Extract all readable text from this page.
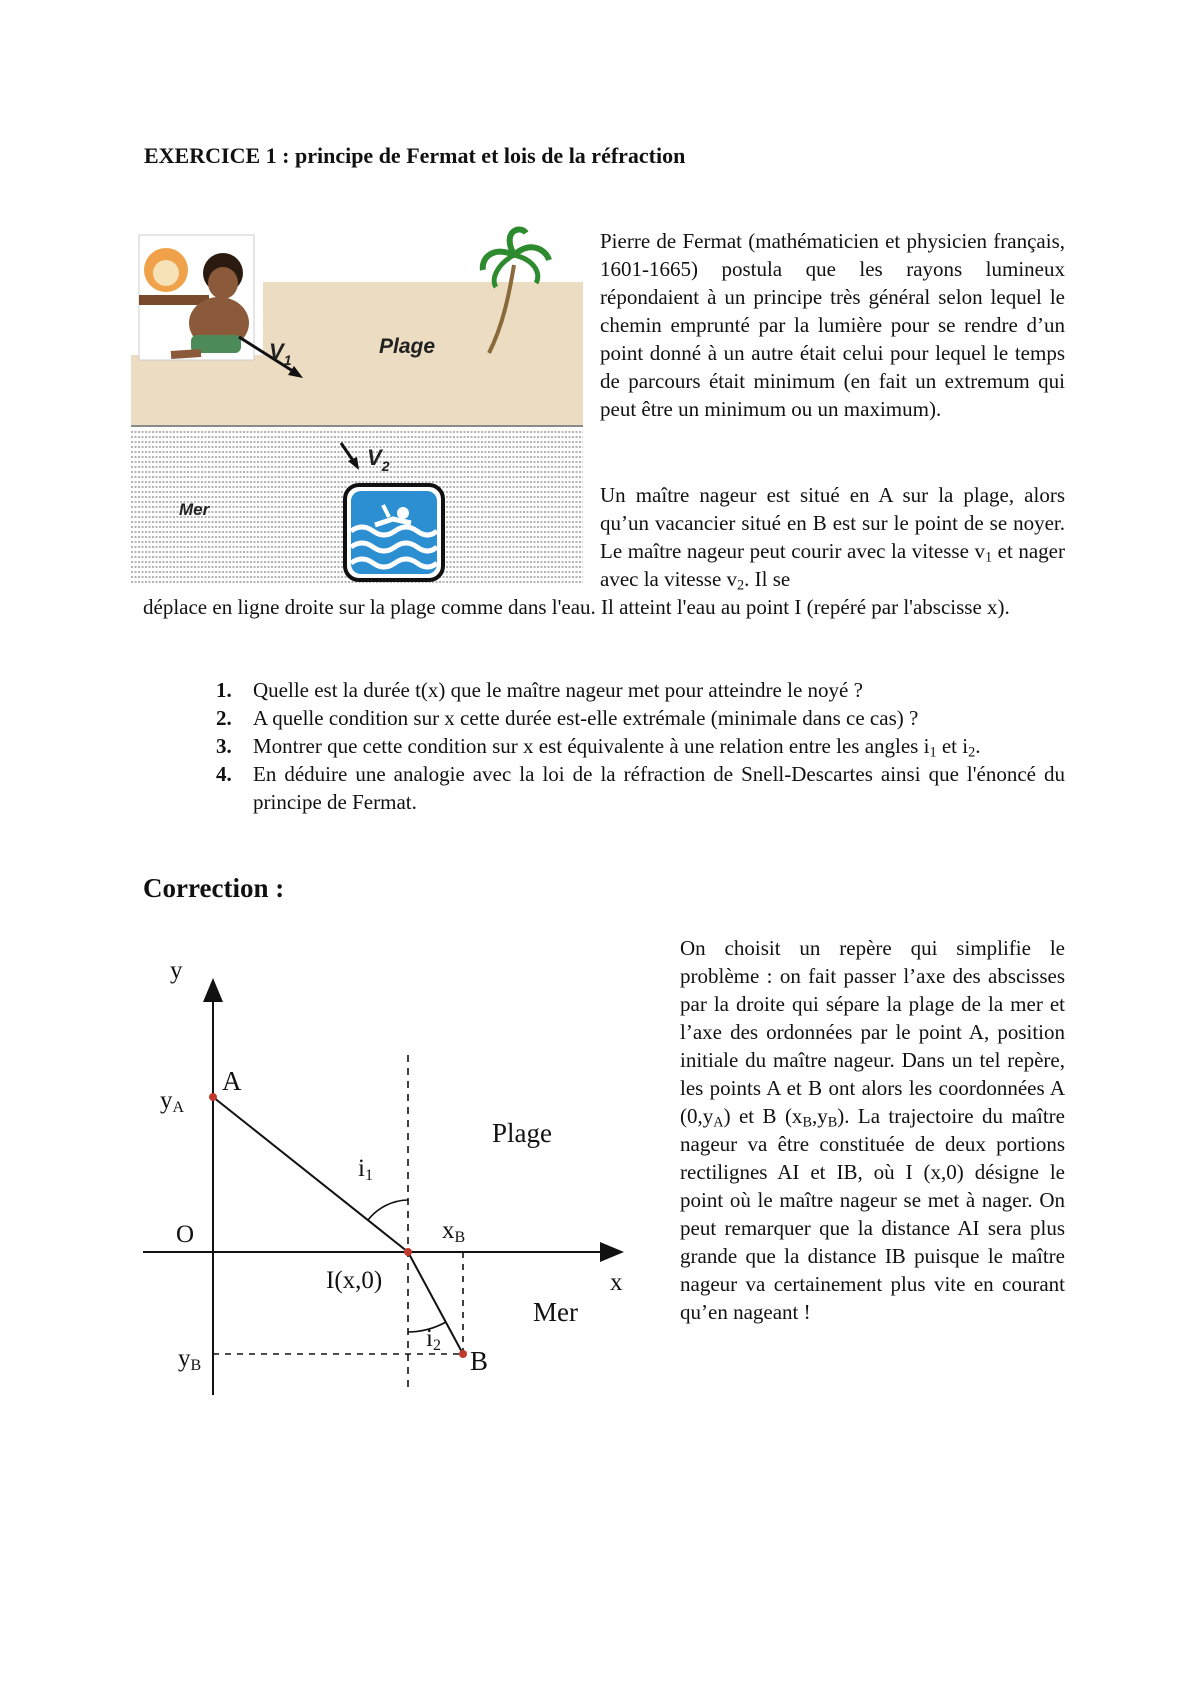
EXERCICE 1 : principe de Fermat et lois de la réfraction
Plage
Mer
$V_1$
$V_2$
Pierre de Fermat (mathématicien et physicien français, 1601-1665) postula que les rayons lumineux répondaient à un principe très général selon lequel le chemin emprunté par la lumière pour se rendre d’un point donné à un autre était celui pour lequel le temps de parcours était minimum (en fait un extremum qui peut être un minimum ou un maximum).
Un maître nageur est situé en A sur la plage, alors qu’un vacancier situé en B est sur le point de se noyer. Le maître nageur peut courir avec la vitesse $v_1$ et nager avec la vitesse $v_2$. Il se
déplace en ligne droite sur la plage comme dans l'eau. Il atteint l'eau au point I (repéré par l'abscisse x).
1. Quelle est la durée t(x) que le maître nageur met pour atteindre le noyé ?
2. A quelle condition sur x cette durée est-elle extrémale (minimale dans ce cas) ?
3. Montrer que cette condition sur x est équivalente à une relation entre les angles $i_1$ et $i_2$.
4. En déduire une analogie avec la loi de la réfraction de Snell-Descartes ainsi que l'énoncé du principe de Fermat.
Correction :
y
x
O
yA
yB
A
B
I(x,0)
xB
i1
i2
Plage
Mer
On choisit un repère qui simplifie le problème : on fait passer l’axe des abscisses par la droite qui sépare la plage de la mer et l’axe des ordonnées par le point A, position initiale du maître nageur. Dans un tel repère, les points A et B ont alors les coordonnées A $(0,y_A)$ et B $(x_B,y_B)$. La trajectoire du maître nageur va être constituée de deux portions rectilignes AI et IB, où I (x,0) désigne le point où le maître nageur se met à nager. On peut remarquer que la distance AI sera plus grande que la distance IB puisque le maître nageur va certainement plus vite en courant qu’en nageant !
